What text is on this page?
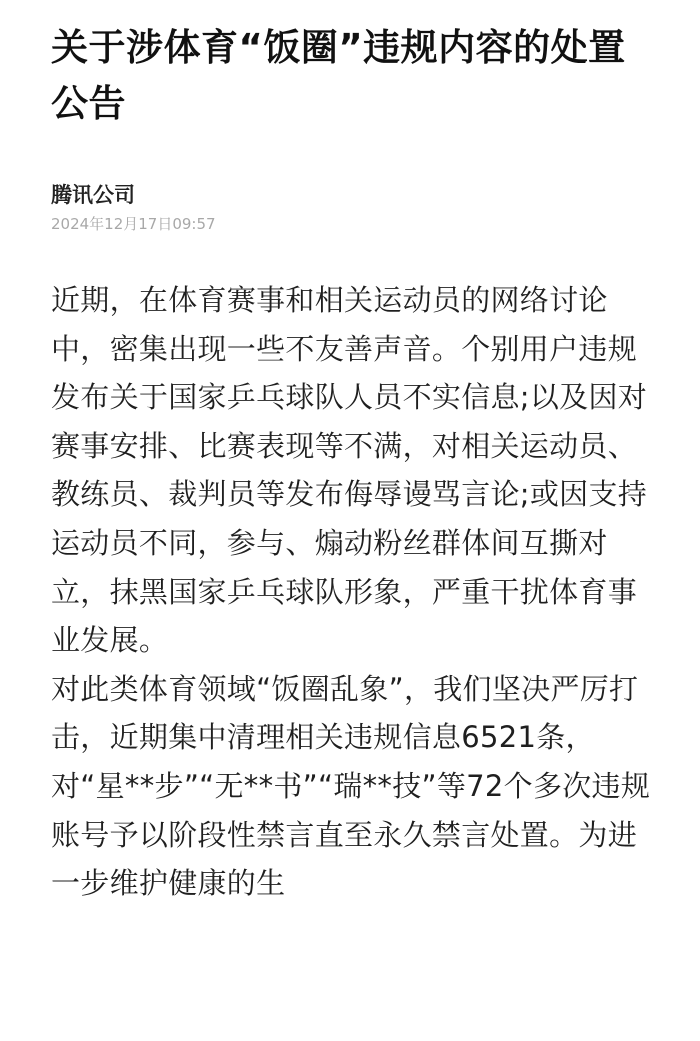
关于涉体育“饭圈”违规内容的处置公告
腾讯公司
2024年12月17日09:57

近期，在体育赛事和相关运动员的网络讨论中，密集出现一些不友善声音。个别用户违规发布关于国家乒乓球队人员不实信息;以及因对赛事安排、比赛表现等不满，对相关运动员、教练员、裁判员等发布侮辱谩骂言论;或因支持运动员不同，参与、煽动粉丝群体间互撕对立，抹黑国家乒乓球队形象，严重干扰体育事业发展。

对此类体育领域“饭圈乱象”，我们坚决严厉打击，近期集中清理相关违规信息6521条，对“星**步”“无**书”“瑞**技”等72个多次违规账号予以阶段性禁言直至永久禁言处置。为进一步维护健康的生
